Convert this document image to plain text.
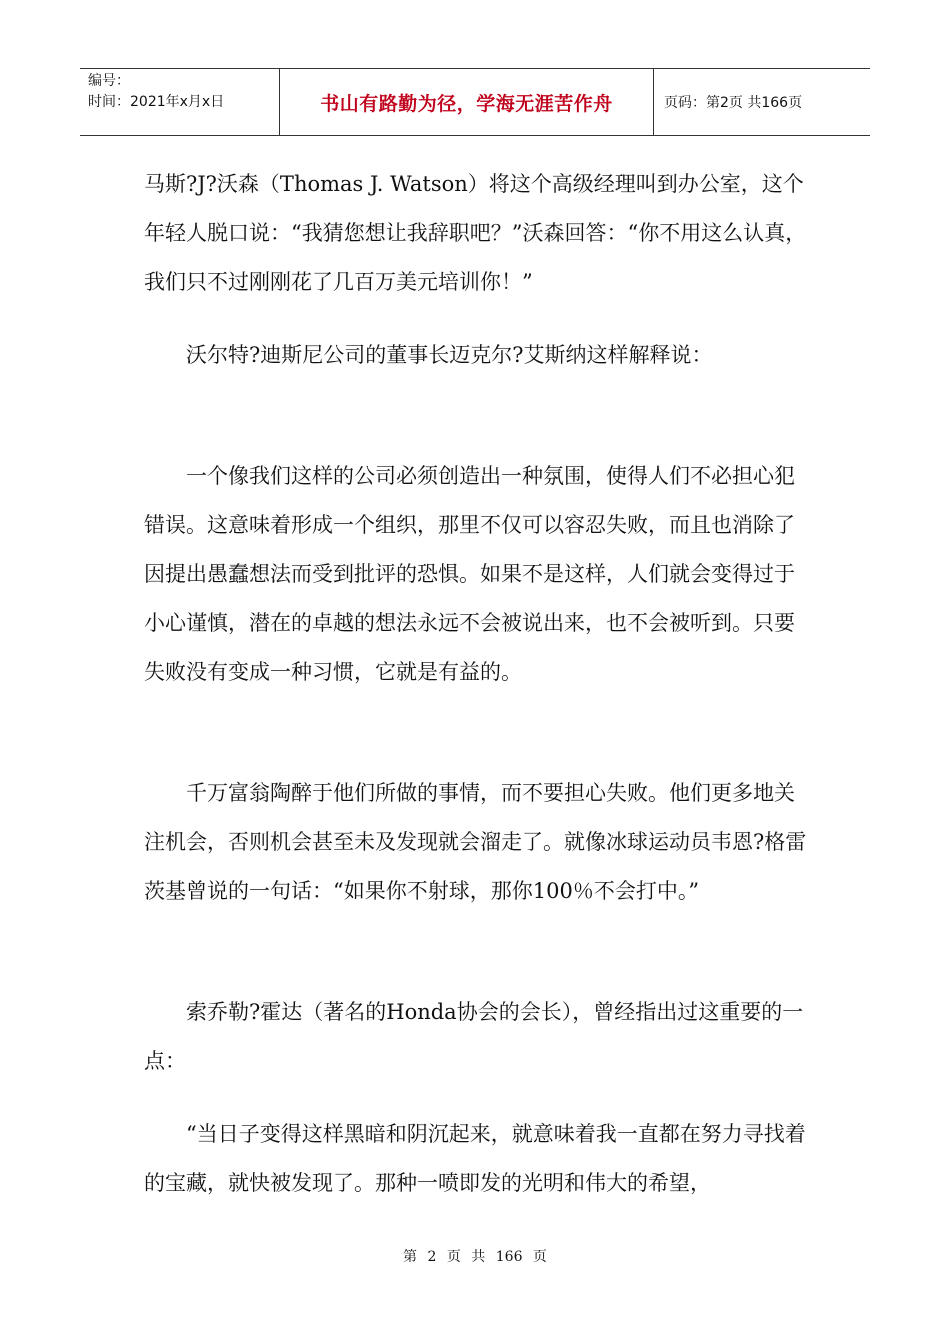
编号：
时间：2021年x月x日	书山有路勤为径，学海无涯苦作舟	页码：第2页 共166页

马斯?J?沃森（Thomas J. Watson）将这个高级经理叫到办公室，这个年轻人脱口说：“我猜您想让我辞职吧？”沃森回答：“你不用这么认真，我们只不过刚刚花了几百万美元培训你！”

沃尔特?迪斯尼公司的董事长迈克尔?艾斯纳这样解释说：

一个像我们这样的公司必须创造出一种氛围，使得人们不必担心犯错误。这意味着形成一个组织，那里不仅可以容忍失败，而且也消除了因提出愚蠢想法而受到批评的恐惧。如果不是这样，人们就会变得过于小心谨慎，潜在的卓越的想法永远不会被说出来，也不会被听到。只要失败没有变成一种习惯，它就是有益的。

千万富翁陶醉于他们所做的事情，而不要担心失败。他们更多地关注机会，否则机会甚至未及发现就会溜走了。就像冰球运动员韦恩?格雷茨基曾说的一句话：“如果你不射球，那你100％不会打中。”

索乔勒?霍达（著名的Honda协会的会长），曾经指出过这重要的一点：

“当日子变得这样黑暗和阴沉起来，就意味着我一直都在努力寻找着的宝藏，就快被发现了。那种一喷即发的光明和伟大的希望，

第 2 页 共 166 页
